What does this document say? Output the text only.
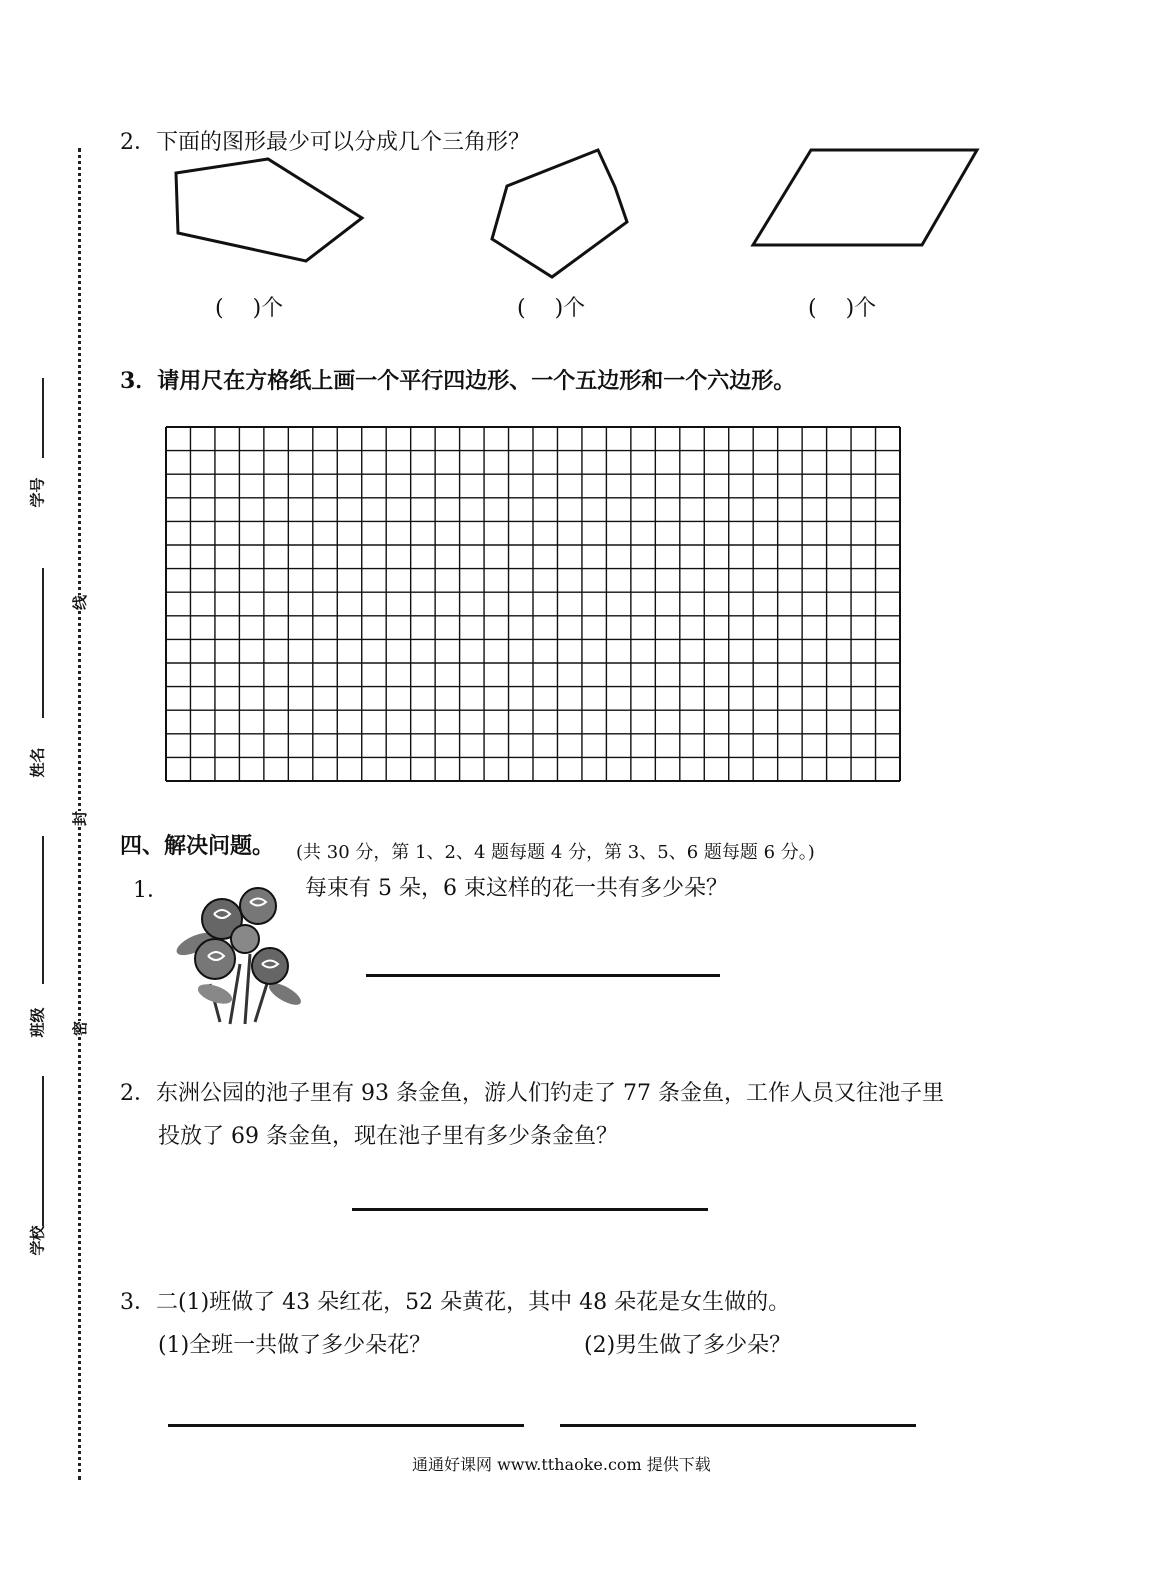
学号
姓名
班级
学校
线
封
密
2．下面的图形最少可以分成几个三角形？
(　 )个	(　 )个	(　 )个
3．请用尺在方格纸上画一个平行四边形、一个五边形和一个六边形。
四、解决问题。 (共 30 分，第 1、2、4 题每题 4 分，第 3、5、6 题每题 6 分。)
1．	每束有 5 朵，6 束这样的花一共有多少朵？
2．东洲公园的池子里有 93 条金鱼，游人们钓走了 77 条金鱼，工作人员又往池子里
投放了 69 条金鱼，现在池子里有多少条金鱼？
3．二(1)班做了 43 朵红花，52 朵黄花，其中 48 朵花是女生做的。
(1)全班一共做了多少朵花？	(2)男生做了多少朵？
通通好课网 www.tthaoke.com 提供下载
